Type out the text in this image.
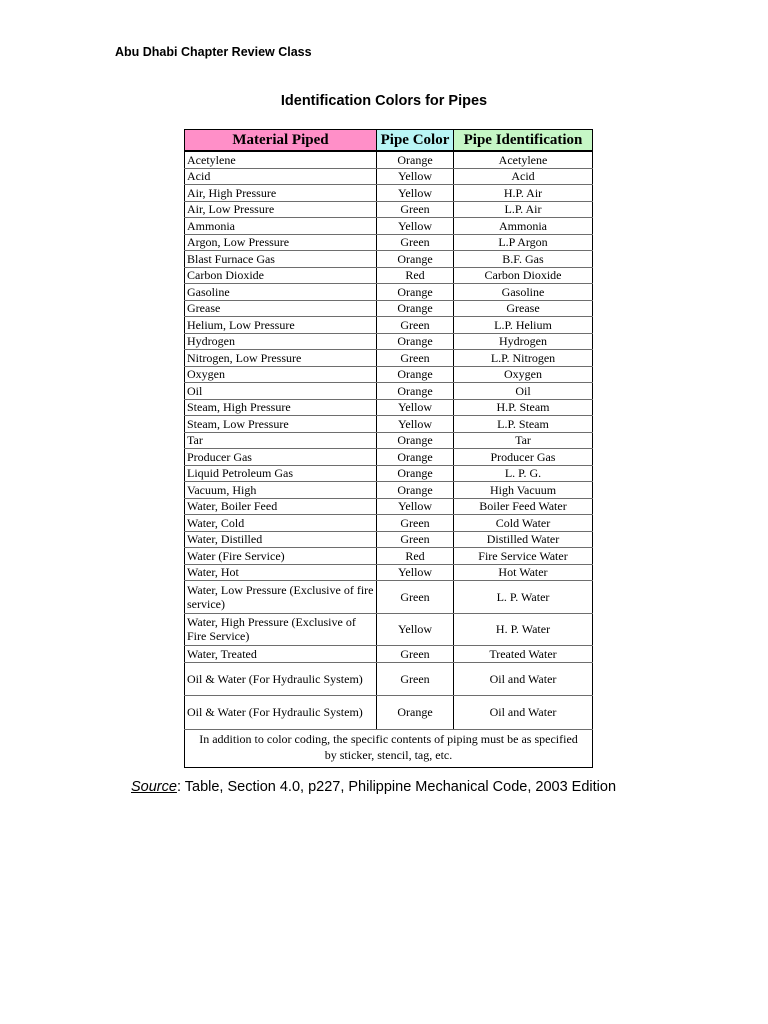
Abu Dhabi Chapter Review Class
Identification Colors for Pipes
Material Piped	Pipe Color	Pipe Identification
Acetylene	Orange	Acetylene
Acid	Yellow	Acid
Air, High Pressure	Yellow	H.P. Air
Air, Low Pressure	Green	L.P. Air
Ammonia	Yellow	Ammonia
Argon, Low Pressure	Green	L.P Argon
Blast Furnace Gas	Orange	B.F. Gas
Carbon Dioxide	Red	Carbon Dioxide
Gasoline	Orange	Gasoline
Grease	Orange	Grease
Helium, Low Pressure	Green	L.P. Helium
Hydrogen	Orange	Hydrogen
Nitrogen, Low Pressure	Green	L.P. Nitrogen
Oxygen	Orange	Oxygen
Oil	Orange	Oil
Steam, High Pressure	Yellow	H.P. Steam
Steam, Low Pressure	Yellow	L.P. Steam
Tar	Orange	Tar
Producer Gas	Orange	Producer Gas
Liquid Petroleum Gas	Orange	L. P. G.
Vacuum, High	Orange	High Vacuum
Water, Boiler Feed	Yellow	Boiler Feed Water
Water, Cold	Green	Cold Water
Water, Distilled	Green	Distilled Water
Water (Fire Service)	Red	Fire Service Water
Water, Hot	Yellow	Hot Water
Water, Low Pressure (Exclusive of fire service)	Green	L. P. Water
Water, High Pressure (Exclusive of Fire Service)	Yellow	H. P. Water
Water, Treated	Green	Treated Water
Oil & Water (For Hydraulic System)	Green	Oil and Water
Oil & Water (For Hydraulic System)	Orange	Oil and Water
In addition to color coding, the specific contents of piping must be as specified by sticker, stencil, tag, etc.		
Source: Table, Section 4.0, p227, Philippine Mechanical Code, 2003 Edition
